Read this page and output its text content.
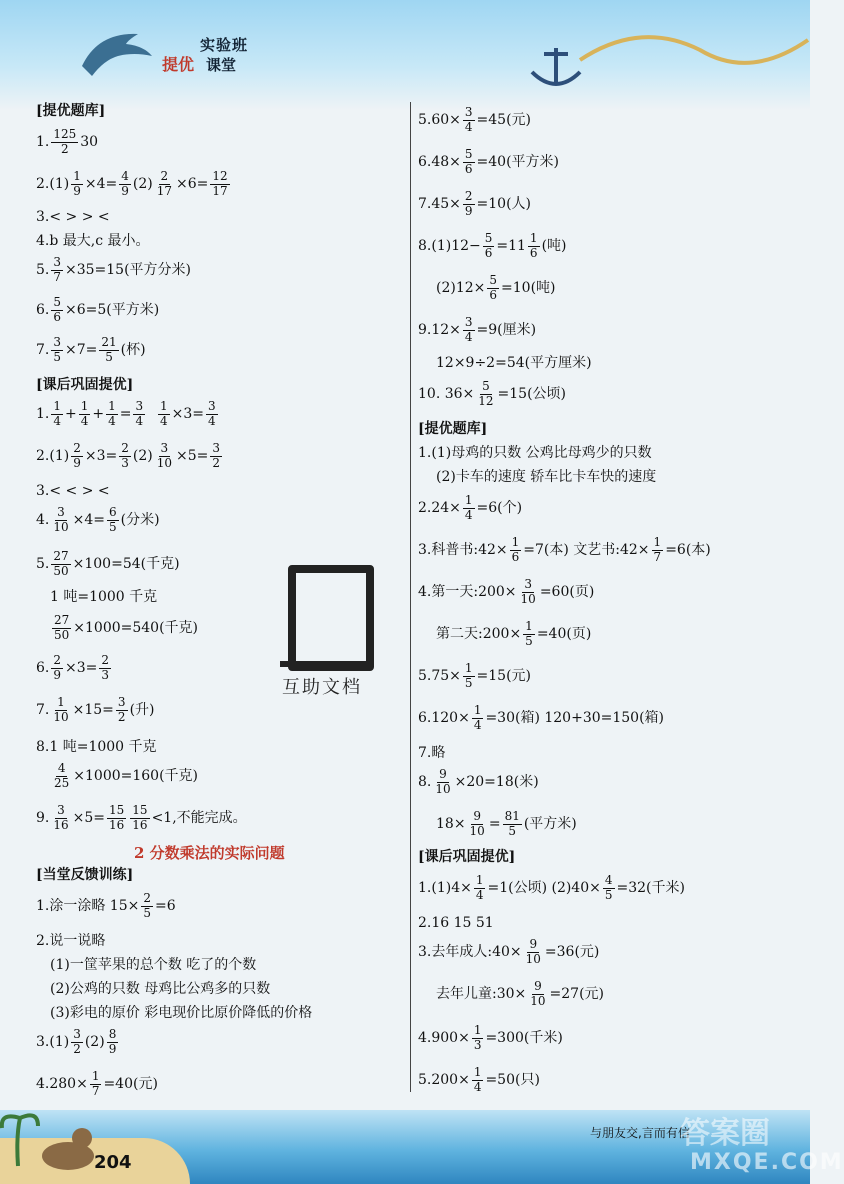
实验班
提优 课堂
[提优题库]
1. $\frac{125}{2} 30$
$2.(1) \frac{1}{9} \times 4= \frac{4}{9} (2) \frac{2}{17} \times 6= \frac{12}{17}$
3.< > > <
4.b 最大,c 最小。
5. $\frac{3}{7} \times 35=15$(平方分米)
6. $\frac{5}{6} \times 6=5$(平方米)
7. $\frac{3}{5} \times 7= \frac{21}{5}$ (杯)
[课后巩固提优]
1. $\frac{1}{4} + \frac{1}{4} + \frac{1}{4} = \frac{3}{4}$
$\frac{1}{4} \times 3= \frac{3}{4}$
$2.(1) \frac{2}{9} \times 3= \frac{2}{3} (2) \frac{3}{10} \times 5= \frac{3}{2}$
3.< < > <
4. $\frac{3}{10} \times 4= \frac{6}{5}$ (分米)
5. $\frac{27}{50} \times 100=54$(千克)
1 吨=1000 千克
$\frac{27}{50} \times 1000=540$(千克)
6. $\frac{2}{9} \times 3= \frac{2}{3}$
7. $\frac{1}{10} \times 15= \frac{3}{2}$ (升)
8.1 吨=1000 千克
$\frac{4}{25} \times 1000=160$(千克)
9. $\frac{3}{16} \times 5= \frac{15}{16} \frac{15}{16} <1$,不能完成。
2 分数乘法的实际问题
[当堂反馈训练]
1.涂一涂略 $15\times \frac{2}{5} =6$
2.说一说略
(1)一筐苹果的总个数 吃了的个数
(2)公鸡的只数 母鸡比公鸡多的只数
(3)彩电的原价 彩电现价比原价降低的价格
$3.(1) \frac{3}{2} (2) \frac{8}{9}$
$4.280\times \frac{1}{7} =40$(元)
$5.60\times \frac{3}{4} =45$(元)
$6.48\times \frac{5}{6} =40$(平方米)
$7.45\times \frac{2}{9} =10$(人)
$8.(1)12- \frac{5}{6} =11 \frac{1}{6}$ (吨)
$(2)12\times \frac{5}{6} =10$(吨)
$9.12\times \frac{3}{4} =9$(厘米)
12×9÷2=54(平方厘米)
10. $36\times \frac{5}{12} =15$(公顷)
[提优题库]
1.(1)母鸡的只数 公鸡比母鸡少的只数
(2)卡车的速度 轿车比卡车快的速度
$2.24\times \frac{1}{4} =6$(个)
3.科普书:42× $\frac{1}{6} =7$(本) 文艺书:42× $\frac{1}{7} =6$(本)
4.第一天:200× $\frac{3}{10} =60$(页)
第二天:200× $\frac{1}{5} =40$(页)
$5.75\times \frac{1}{5} =15$(元)
$6.120\times \frac{1}{4} =30$(箱) 120+30=150(箱)
7.略
8. $\frac{9}{10} \times 20=18$(米)
$18\times \frac{9}{10} = \frac{81}{5}$ (平方米)
[课后巩固提优]
$1.(1)4\times \frac{1}{4} =1$(公顷) $(2)40\times \frac{4}{5} =32$(千米)
2.16 15 51
3.去年成人:40× $\frac{9}{10} =36$(元)
去年儿童:30× $\frac{9}{10} =27$(元)
$4.900\times \frac{1}{3} =300$(千米)
$5.200\times \frac{1}{4} =50$(只)
互助文档
204
与朋友交,言而有信
答案圈
MXQE.COM
